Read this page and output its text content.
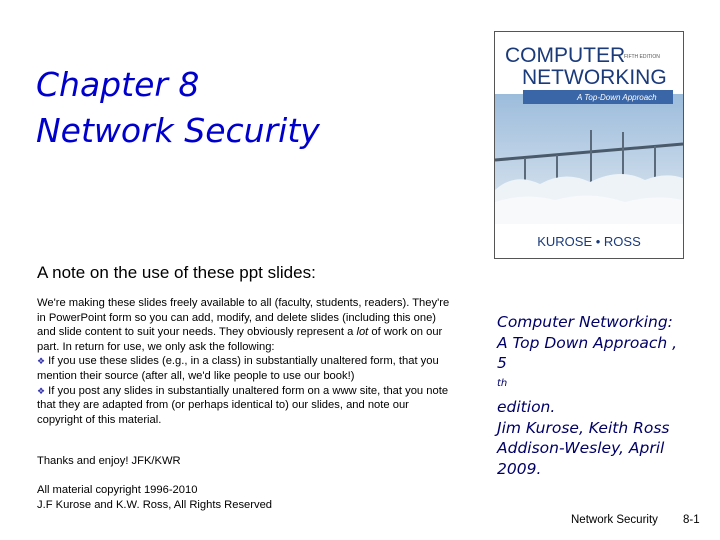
Chapter 8
Network Security
COMPUTER
FIFTH EDITION
NETWORKING
A Top-Down Approach
KUROSE • ROSS
A note on the use of these ppt slides:

We're making these slides freely available to all (faculty, students, readers). They're in PowerPoint form so you can add, modify, and delete slides (including this one) and slide content to suit your needs. They obviously represent a lot of work on our part. In return for use, we only ask the following:

❖ If you use these slides (e.g., in a class) in substantially unaltered form, that you mention their source (after all, we'd like people to use our book!)

❖ If you post any slides in substantially unaltered form on a www site, that you note that they are adapted from (or perhaps identical to) our slides, and note our copyright of this material.

Thanks and enjoy! JFK/KWR
All material copyright 1996-2010
J.F Kurose and K.W. Ross, All Rights Reserved
Computer Networking:
A Top Down Approach ,
5
$^{th}$
edition.
Jim Kurose, Keith Ross
Addison-Wesley, April
2009.
Network Security 8-1
